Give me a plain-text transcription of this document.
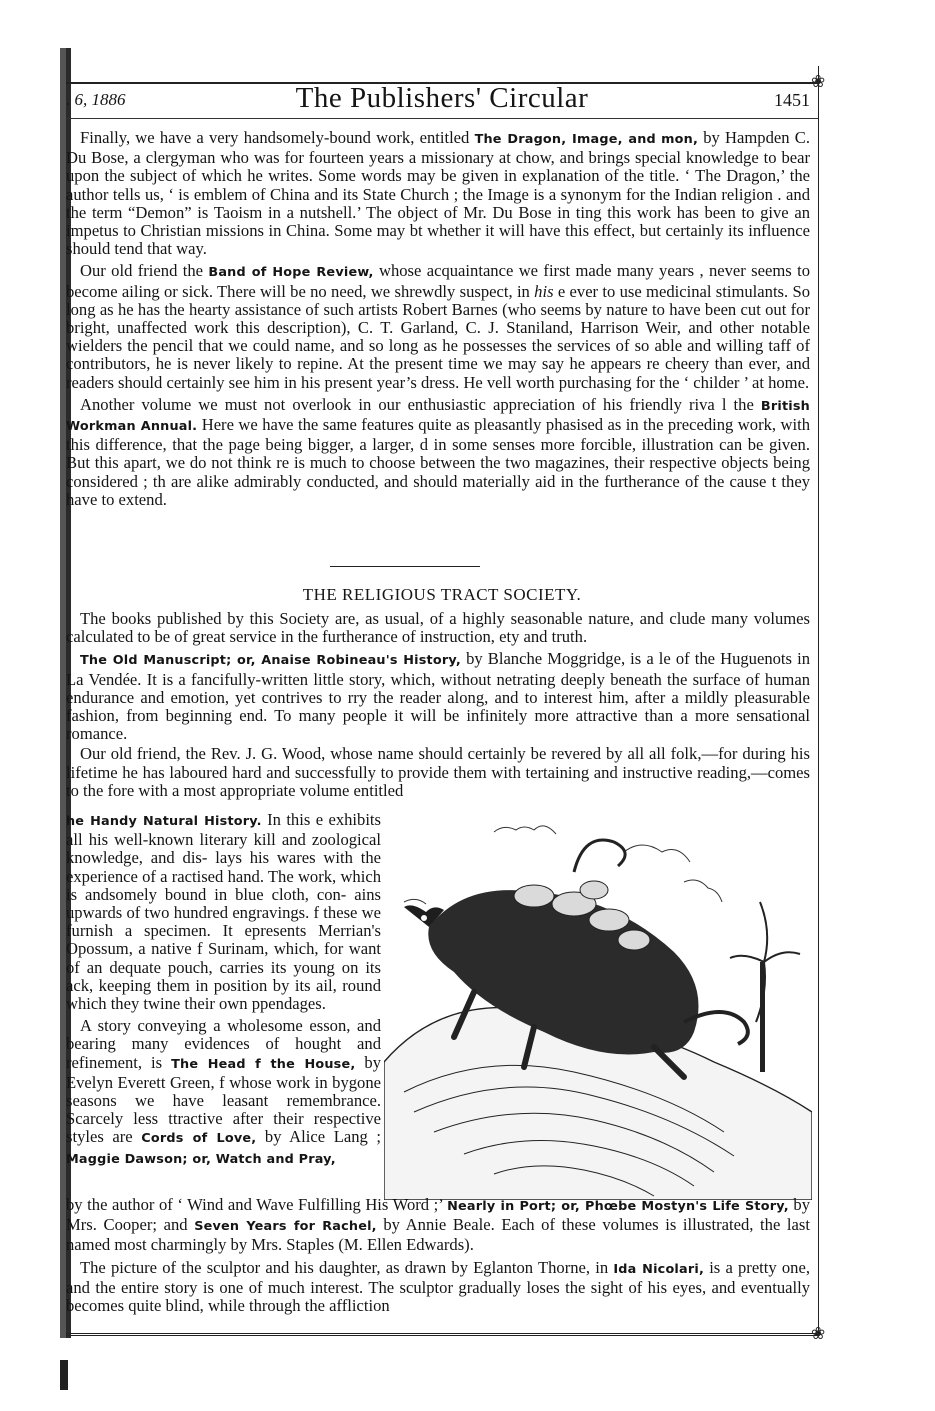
❀
❀
. 6, 1886	The Publishers' Circular	1451

Finally, we have a very handsomely-bound work, entitled The Dragon, Image, and mon, by Hampden C. Du Bose, a clergyman who was for fourteen years a missionary at chow, and brings special knowledge to bear upon the subject of which he writes. Some words may be given in explanation of the title. ‘ The Dragon,’ the author tells us, ‘ is emblem of China and its State Church ; the Image is a synonym for the Indian religion . and the term “Demon” is Taoism in a nutshell.’ The object of Mr. Du Bose in ting this work has been to give an impetus to Christian missions in China. Some may bt whether it will have this effect, but certainly its influence should tend that way.

Our old friend the Band of Hope Review, whose acquaintance we first made many years , never seems to become ailing or sick. There will be no need, we shrewdly suspect, in his e ever to use medicinal stimulants. So long as he has the hearty assistance of such artists Robert Barnes (who seems by nature to have been cut out for bright, unaffected work this description), C. T. Garland, C. J. Staniland, Harrison Weir, and other notable wielders the pencil that we could name, and so long as he possesses the services of so able and willing taff of contributors, he is never likely to repine. At the present time we may say he appears re cheery than ever, and readers should certainly see him in his present year’s dress. He vell worth purchasing for the ‘ childer ’ at home.

Another volume we must not overlook in our enthusiastic appreciation of his friendly riva l the British Workman Annual. Here we have the same features quite as pleasantly phasised as in the preceding work, with this difference, that the page being bigger, a larger, d in some senses more forcible, illustration can be given. But this apart, we do not think re is much to choose between the two magazines, their respective objects being considered ; th are alike admirably conducted, and should materially aid in the furtherance of the cause t they have to extend.

THE RELIGIOUS TRACT SOCIETY.

The books published by this Society are, as usual, of a highly seasonable nature, and clude many volumes calculated to be of great service in the furtherance of instruction, ety and truth.

The Old Manuscript; or, Anaise Robineau's History, by Blanche Moggridge, is a le of the Huguenots in La Vendée. It is a fancifully-written little story, which, without netrating deeply beneath the surface of human endurance and emotion, yet contrives to rry the reader along, and to interest him, after a mildly pleasurable fashion, from beginning end. To many people it will be infinitely more attractive than a more sensational romance.

Our old friend, the Rev. J. G. Wood, whose name should certainly be revered by all all folk,—for during his lifetime he has laboured hard and successfully to provide them with tertaining and instructive reading,—comes to the fore with a most appropriate volume entitled

he Handy Natural History. In this e exhibits all his well-known literary kill and zoological knowledge, and dis- lays his wares with the experience of a ractised hand. The work, which is andsomely bound in blue cloth, con- ains upwards of two hundred engravings. f these we furnish a specimen. It epresents Merrian's Opossum, a native f Surinam, which, for want of an dequate pouch, carries its young on its ack, keeping them in position by its ail, round which they twine their own ppendages.

A story conveying a wholesome esson, and bearing many evidences of hought and refinement, is The Head f the House, by Evelyn Everett Green, f whose work in bygone seasons we have leasant remembrance. Scarcely less ttractive after their respective styles are Cords of Love, by Alice Lang ; Maggie Dawson; or, Watch and Pray,

by the author of ‘ Wind and Wave Fulfilling His Word ;’ Nearly in Port; or, Phœbe Mostyn's Life Story, by Mrs. Cooper; and Seven Years for Rachel, by Annie Beale. Each of these volumes is illustrated, the last named most charmingly by Mrs. Staples (M. Ellen Edwards).

The picture of the sculptor and his daughter, as drawn by Eglanton Thorne, in Ida Nicolari, is a pretty one, and the entire story is one of much interest. The sculptor gradually loses the sight of his eyes, and eventually becomes quite blind, while through the affliction
